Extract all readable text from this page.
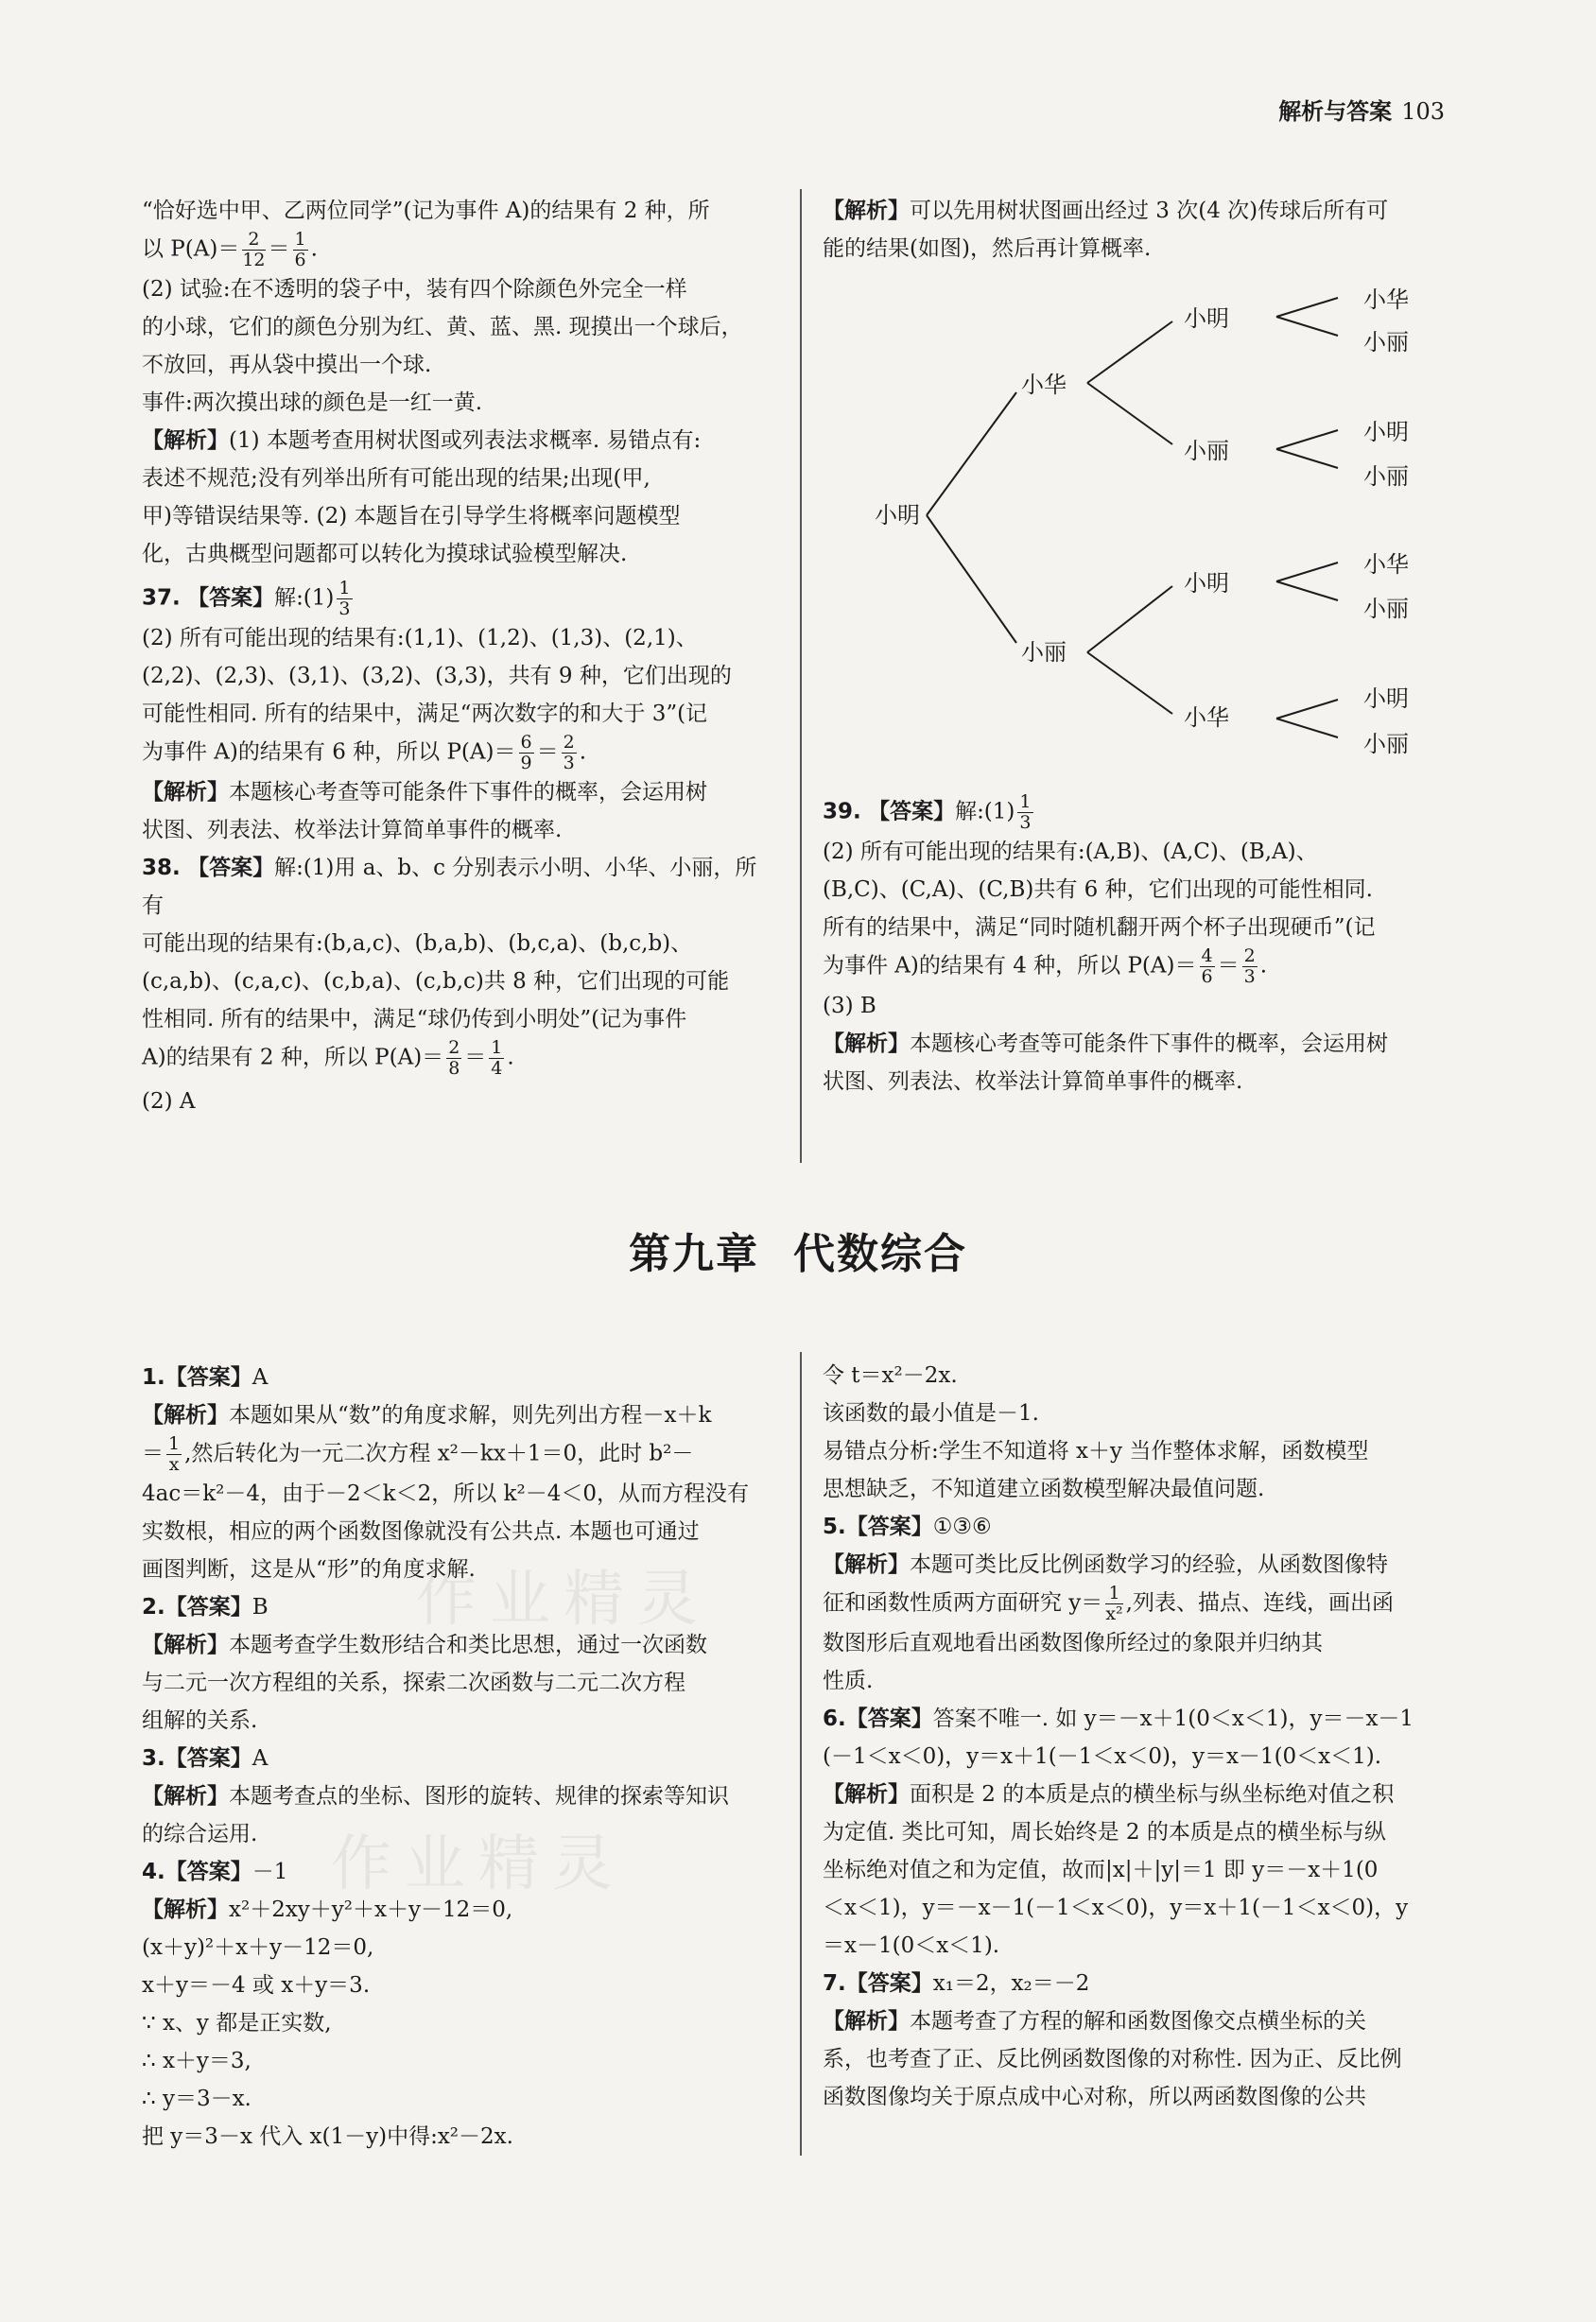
解析与答案 103

“恰好选中甲、乙两位同学”(记为事件 A)的结果有 2 种，所

以 $P(A)= \frac{2}{12} = \frac{1}{6}$ .

(2) 试验:在不透明的袋子中，装有四个除颜色外完全一样

的小球，它们的颜色分别为红、黄、蓝、黑. 现摸出一个球后，

不放回，再从袋中摸出一个球.

事件:两次摸出球的颜色是一红一黄.

【解析】(1) 本题考查用树状图或列表法求概率. 易错点有:

表述不规范;没有列举出所有可能出现的结果;出现(甲,

甲)等错误结果等. (2) 本题旨在引导学生将概率问题模型

化，古典概型问题都可以转化为摸球试验模型解决.

37. 【答案】解:(1) $\frac{1}{3}$

(2) 所有可能出现的结果有:(1,1)、(1,2)、(1,3)、(2,1)、

(2,2)、(2,3)、(3,1)、(3,2)、(3,3)，共有 9 种，它们出现的

可能性相同. 所有的结果中，满足“两次数字的和大于 3”(记

为事件 A)的结果有 6 种，所以 $P(A)= \frac{6}{9} = \frac{2}{3}$ .

【解析】本题核心考查等可能条件下事件的概率，会运用树

状图、列表法、枚举法计算简单事件的概率.

38. 【答案】解:(1)用 a、b、c 分别表示小明、小华、小丽，所有

可能出现的结果有:(b,a,c)、(b,a,b)、(b,c,a)、(b,c,b)、

(c,a,b)、(c,a,c)、(c,b,a)、(c,b,c)共 8 种，它们出现的可能

性相同. 所有的结果中，满足“球仍传到小明处”(记为事件

A)的结果有 2 种，所以 $P(A)= \frac{2}{8} = \frac{1}{4}$ .

(2) A

【解析】可以先用树状图画出经过 3 次(4 次)传球后所有可

能的结果(如图)，然后再计算概率.

小明
小华
小丽
小明
小丽
小明
小华
小华
小丽
小明
小丽
小华
小丽
小明
小丽

39. 【答案】解:(1) $\frac{1}{3}$

(2) 所有可能出现的结果有:(A,B)、(A,C)、(B,A)、

(B,C)、(C,A)、(C,B)共有 6 种，它们出现的可能性相同.

所有的结果中，满足“同时随机翻开两个杯子出现硬币”(记

为事件 A)的结果有 4 种，所以 $P(A)= \frac{4}{6} = \frac{2}{3}$ .

(3) B

【解析】本题核心考查等可能条件下事件的概率，会运用树

状图、列表法、枚举法计算简单事件的概率.

第九章 代数综合

1.【答案】A

【解析】本题如果从“数”的角度求解，则先列出方程－x＋k

＝ $\frac{1}{x}$ ,然后转化为一元二次方程 x²－kx＋1＝0，此时 b²－

4ac＝k²－4，由于－2＜k＜2，所以 k²－4＜0，从而方程没有

实数根，相应的两个函数图像就没有公共点. 本题也可通过

画图判断，这是从“形”的角度求解.

2.【答案】B

【解析】本题考查学生数形结合和类比思想，通过一次函数

与二元一次方程组的关系，探索二次函数与二元二次方程

组解的关系.

3.【答案】A

【解析】本题考查点的坐标、图形的旋转、规律的探索等知识

的综合运用.

4.【答案】－1

【解析】x²＋2xy＋y²＋x＋y－12＝0,

(x＋y)²＋x＋y－12＝0,

x＋y＝－4 或 x＋y＝3.

∵ x、y 都是正实数,

∴ x＋y＝3,

∴ y＝3－x.

把 y＝3－x 代入 x(1－y)中得:x²－2x.

令 t＝x²－2x.

该函数的最小值是－1.

易错点分析:学生不知道将 x＋y 当作整体求解，函数模型

思想缺乏，不知道建立函数模型解决最值问题.

5.【答案】①③⑥

【解析】本题可类比反比例函数学习的经验，从函数图像特

征和函数性质两方面研究 $y= \frac{1}{\text{x²}}$ ,列表、描点、连线，画出函

数图形后直观地看出函数图像所经过的象限并归纳其

性质.

6.【答案】答案不唯一. 如 y＝－x＋1(0＜x＜1)，y＝－x－1

(－1＜x＜0)，y＝x＋1(－1＜x＜0)，y＝x－1(0＜x＜1).

【解析】面积是 2 的本质是点的横坐标与纵坐标绝对值之积

为定值. 类比可知，周长始终是 2 的本质是点的横坐标与纵

坐标绝对值之和为定值，故而|x|＋|y|＝1 即 y＝－x＋1(0

＜x＜1)，y＝－x－1(－1＜x＜0)，y＝x＋1(－1＜x＜0)，y

＝x－1(0＜x＜1).

7.【答案】x₁＝2，x₂＝－2

【解析】本题考查了方程的解和函数图像交点横坐标的关

系，也考查了正、反比例函数图像的对称性. 因为正、反比例

函数图像均关于原点成中心对称，所以两函数图像的公共

作业精灵
作业精灵
